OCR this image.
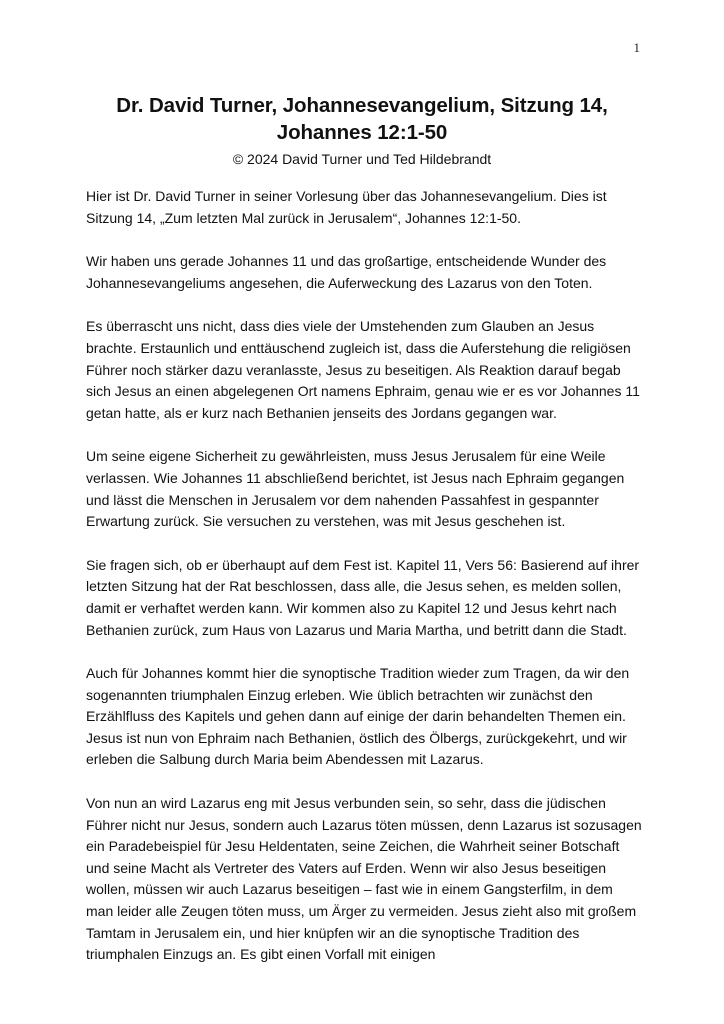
1
Dr. David Turner, Johannesevangelium, Sitzung 14, Johannes 12:1-50

© 2024 David Turner und Ted Hildebrandt

Hier ist Dr. David Turner in seiner Vorlesung über das Johannesevangelium. Dies ist Sitzung 14, „Zum letzten Mal zurück in Jerusalem“, Johannes 12:1-50.

Wir haben uns gerade Johannes 11 und das großartige, entscheidende Wunder des Johannesevangeliums angesehen, die Auferweckung des Lazarus von den Toten.

Es überrascht uns nicht, dass dies viele der Umstehenden zum Glauben an Jesus brachte. Erstaunlich und enttäuschend zugleich ist, dass die Auferstehung die religiösen Führer noch stärker dazu veranlasste, Jesus zu beseitigen. Als Reaktion darauf begab sich Jesus an einen abgelegenen Ort namens Ephraim, genau wie er es vor Johannes 11 getan hatte, als er kurz nach Bethanien jenseits des Jordans gegangen war.

Um seine eigene Sicherheit zu gewährleisten, muss Jesus Jerusalem für eine Weile verlassen. Wie Johannes 11 abschließend berichtet, ist Jesus nach Ephraim gegangen und lässt die Menschen in Jerusalem vor dem nahenden Passahfest in gespannter Erwartung zurück. Sie versuchen zu verstehen, was mit Jesus geschehen ist.

Sie fragen sich, ob er überhaupt auf dem Fest ist. Kapitel 11, Vers 56: Basierend auf ihrer letzten Sitzung hat der Rat beschlossen, dass alle, die Jesus sehen, es melden sollen, damit er verhaftet werden kann. Wir kommen also zu Kapitel 12 und Jesus kehrt nach Bethanien zurück, zum Haus von Lazarus und Maria Martha, und betritt dann die Stadt.

Auch für Johannes kommt hier die synoptische Tradition wieder zum Tragen, da wir den sogenannten triumphalen Einzug erleben. Wie üblich betrachten wir zunächst den Erzählfluss des Kapitels und gehen dann auf einige der darin behandelten Themen ein. Jesus ist nun von Ephraim nach Bethanien, östlich des Ölbergs, zurückgekehrt, und wir erleben die Salbung durch Maria beim Abendessen mit Lazarus.

Von nun an wird Lazarus eng mit Jesus verbunden sein, so sehr, dass die jüdischen Führer nicht nur Jesus, sondern auch Lazarus töten müssen, denn Lazarus ist sozusagen ein Paradebeispiel für Jesu Heldentaten, seine Zeichen, die Wahrheit seiner Botschaft und seine Macht als Vertreter des Vaters auf Erden. Wenn wir also Jesus beseitigen wollen, müssen wir auch Lazarus beseitigen – fast wie in einem Gangsterfilm, in dem man leider alle Zeugen töten muss, um Ärger zu vermeiden. Jesus zieht also mit großem Tamtam in Jerusalem ein, und hier knüpfen wir an die synoptische Tradition des triumphalen Einzugs an. Es gibt einen Vorfall mit einigen
